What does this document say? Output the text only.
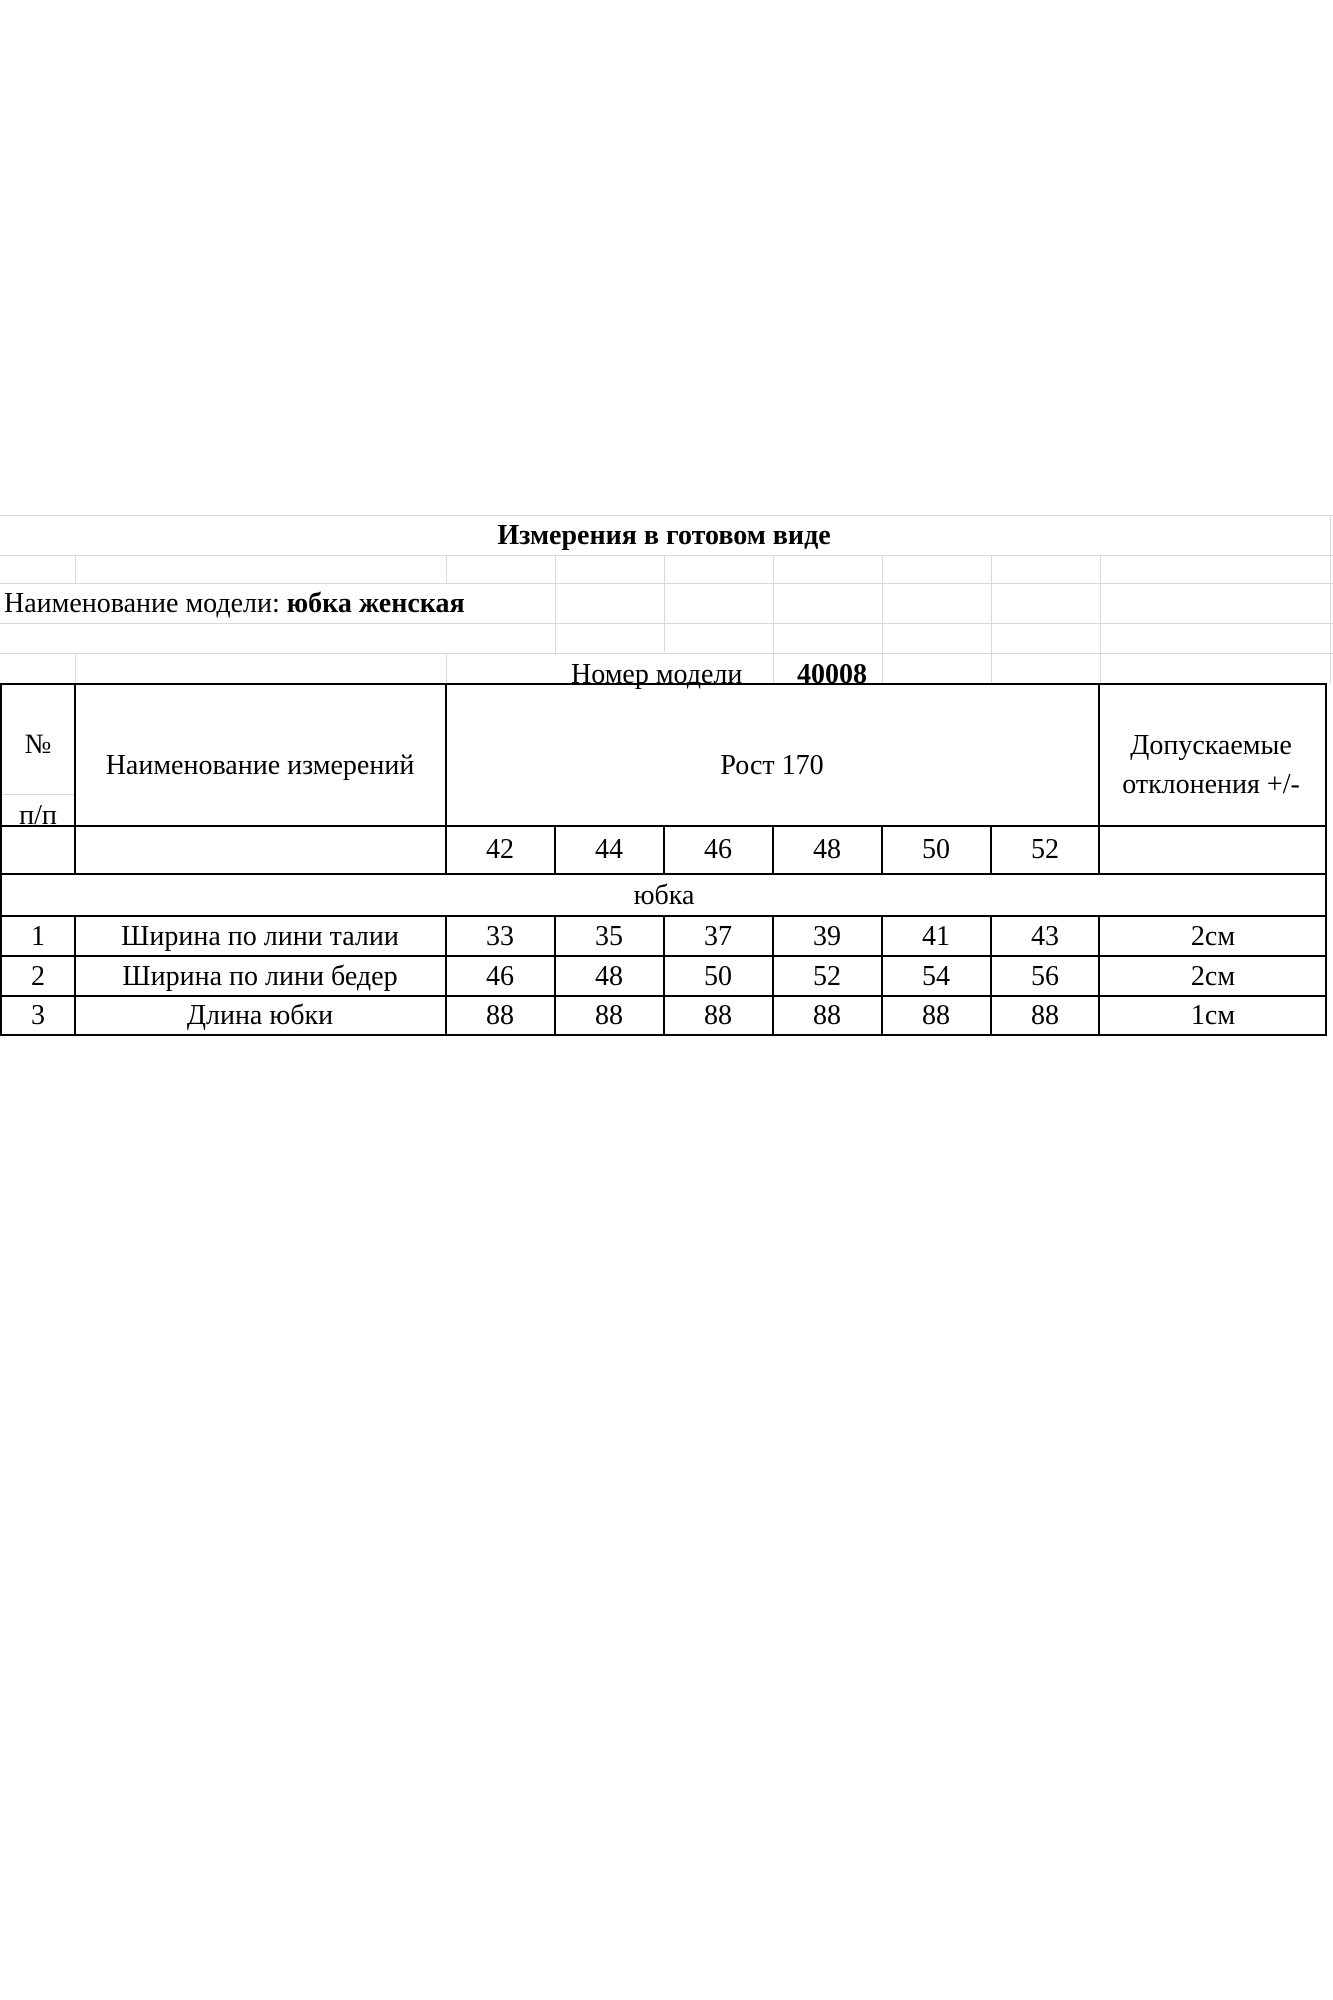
Измерения в готовом виде
Наименование модели: юбка женская
Номер модели 40008
№
п/п
Наименование измерений	Рост 170
Допускаемые
отклонения +/-
42	44	46	48	50	52
юбка
1	Ширина по лини талии	33	35	37	39	41	43	2см
2	Ширина по лини бедер	46	48	50	52	54	56	2см
3	Длина юбки	88	88	88	88	88	88	1см
